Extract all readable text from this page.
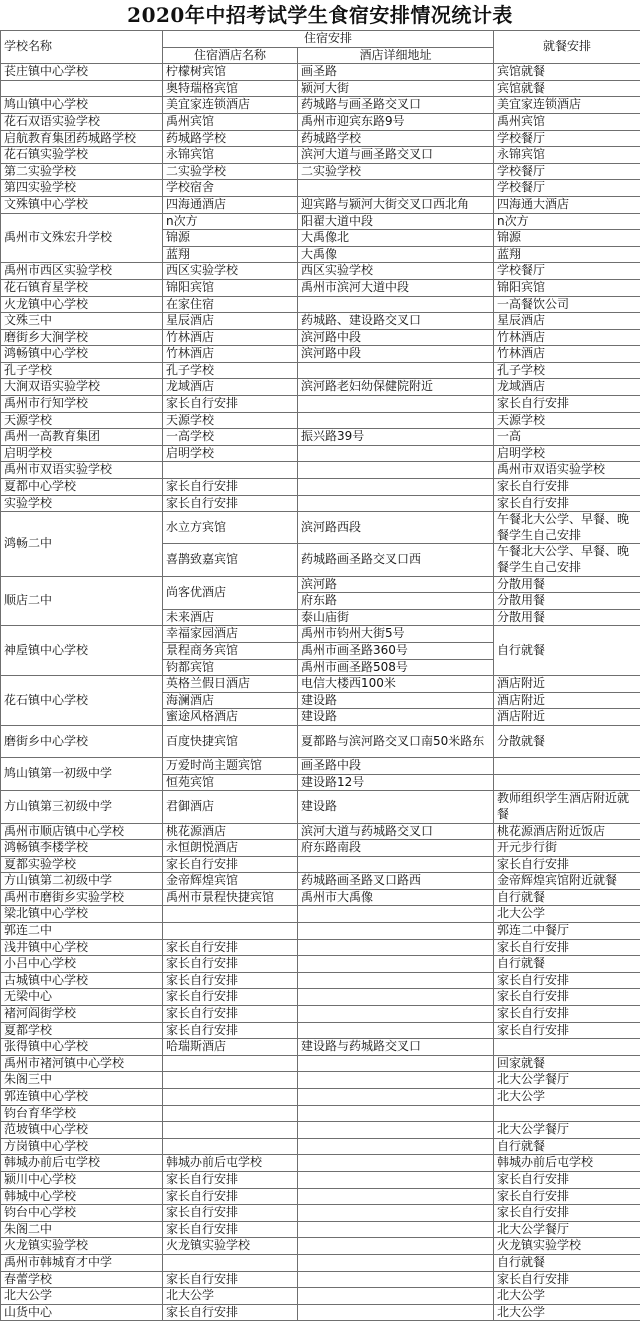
2020年中招考试学生食宿安排情况统计表
学校名称	住宿安排		就餐安排
	住宿酒店名称	酒店详细地址	
苌庄镇中心学校	柠檬树宾馆	画圣路	宾馆就餐
	奥特瑞格宾馆	颍河大街	宾馆就餐
鸠山镇中心学校	美宜家连锁酒店	药城路与画圣路交叉口	美宜家连锁酒店
花石双语实验学校	禹州宾馆	禹州市迎宾东路9号	禹州宾馆
启航教育集团药城路学校	药城路学校	药城路学校	学校餐厅
花石镇实验学校	永锦宾馆	滨河大道与画圣路交叉口	永锦宾馆
第二实验学校	二实验学校	二实验学校	学校餐厅
第四实验学校	学校宿舍		学校餐厅
文殊镇中心学校	四海通酒店	迎宾路与颍河大街交叉口西北角	四海通大酒店
禹州市文殊宏升学校	n次方	阳翟大道中段	n次方
	锦源	大禹像北	锦源
	蓝翔	大禹像	蓝翔
禹州市西区实验学校	西区实验学校	西区实验学校	学校餐厅
花石镇育星学校	锦阳宾馆	禹州市滨河大道中段	锦阳宾馆
火龙镇中心学校	在家住宿		一高餐饮公司
文殊三中	星辰酒店	药城路、建设路交叉口	星辰酒店
磨街乡大涧学校	竹林酒店	滨河路中段	竹林酒店
鸿畅镇中心学校	竹林酒店	滨河路中段	竹林酒店
孔子学校	孔子学校		孔子学校
大涧双语实验学校	龙域酒店	滨河路老妇幼保健院附近	龙域酒店
禹州市行知学校	家长自行安排		家长自行安排
天源学校	天源学校		天源学校
禹州一高教育集团	一高学校	振兴路39号	一高
启明学校	启明学校		启明学校
禹州市双语实验学校			禹州市双语实验学校
夏都中心学校	家长自行安排		家长自行安排
实验学校	家长自行安排		家长自行安排
鸿畅二中	水立方宾馆	滨河路西段	午餐北大公学、早餐、晚餐学生自己安排
	喜鹊致嘉宾馆	药城路画圣路交叉口西	午餐北大公学、早餐、晚餐学生自己安排
顺店二中	尚客优酒店	滨河路	分散用餐
		府东路	分散用餐
	未来酒店	泰山庙街	分散用餐
神垕镇中心学校	幸福家园酒店	禹州市钧州大街5号	自行就餐
	景程商务宾馆	禹州市画圣路360号	
	钧都宾馆	禹州市画圣路508号	
花石镇中心学校	英格兰假日酒店	电信大楼西100米	酒店附近
	海澜酒店	建设路	酒店附近
	蜜途风格酒店	建设路	酒店附近
磨街乡中心学校	百度快捷宾馆	夏都路与滨河路交叉口南50米路东	分散就餐
鸠山镇第一初级中学	万爱时尚主题宾馆	画圣路中段	
	恒苑宾馆	建设路12号	
方山镇第三初级中学	君御酒店	建设路	教师组织学生酒店附近就餐
禹州市顺店镇中心学校	桃花源酒店	滨河大道与药城路交叉口	桃花源酒店附近饭店
鸿畅镇李楼学校	永恒朗悦酒店	府东路南段	开元步行街
夏都实验学校	家长自行安排		家长自行安排
方山镇第二初级中学	金帝辉煌宾馆	药城路画圣路叉口路西	金帝辉煌宾馆附近就餐
禹州市磨街乡实验学校	禹州市景程快捷宾馆	禹州市大禹像	自行就餐
梁北镇中心学校			北大公学
郭连二中			郭连二中餐厅
浅井镇中心学校	家长自行安排		家长自行安排
小吕中心学校	家长自行安排		自行就餐
古城镇中心学校	家长自行安排		家长自行安排
无梁中心	家长自行安排		家长自行安排
褚河阎街学校	家长自行安排		家长自行安排
夏都学校	家长自行安排		家长自行安排
张得镇中心学校	哈瑞斯酒店	建设路与药城路交叉口	
禹州市褚河镇中心学校			回家就餐
朱阁三中			北大公学餐厅
郭连镇中心学校			北大公学
钧台育华学校			
范坡镇中心学校			北大公学餐厅
方岗镇中心学校			自行就餐
韩城办前后屯学校	韩城办前后屯学校		韩城办前后屯学校
颍川中心学校	家长自行安排		家长自行安排
韩城中心学校	家长自行安排		家长自行安排
钧台中心学校	家长自行安排		家长自行安排
朱阁二中	家长自行安排		北大公学餐厅
火龙镇实验学校	火龙镇实验学校		火龙镇实验学校
禹州市韩城育才中学			自行就餐
春蕾学校	家长自行安排		家长自行安排
北大公学	北大公学		北大公学
山货中心	家长自行安排		北大公学
